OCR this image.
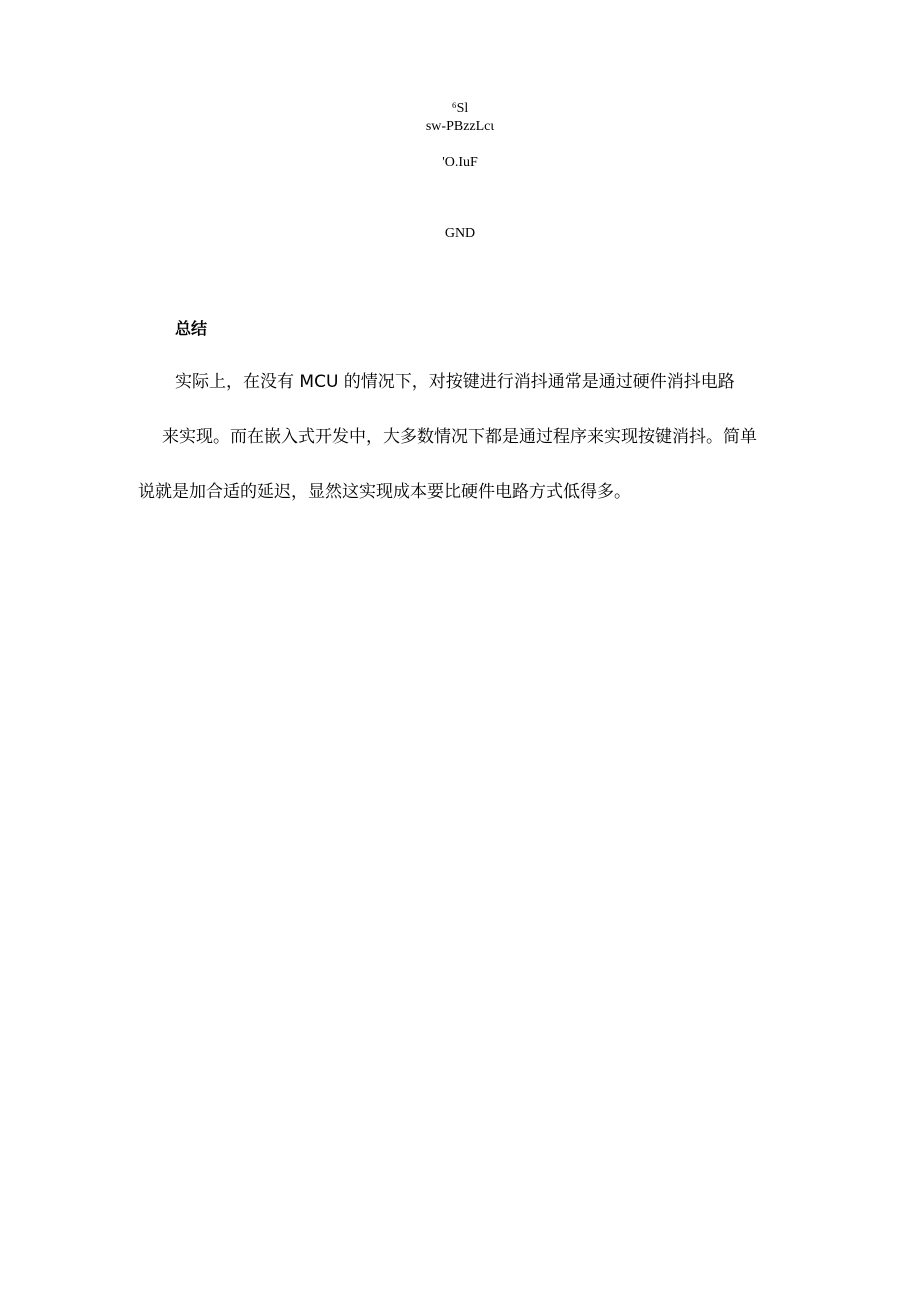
⁶Sl
sw-PBzzLcι
'O.IuF
GND
总结
实际上，在没有 MCU 的情况下，对按键进行消抖通常是通过硬件消抖电路
来实现。而在嵌入式开发中，大多数情况下都是通过程序来实现按键消抖。简单
说就是加合适的延迟，显然这实现成本要比硬件电路方式低得多。
